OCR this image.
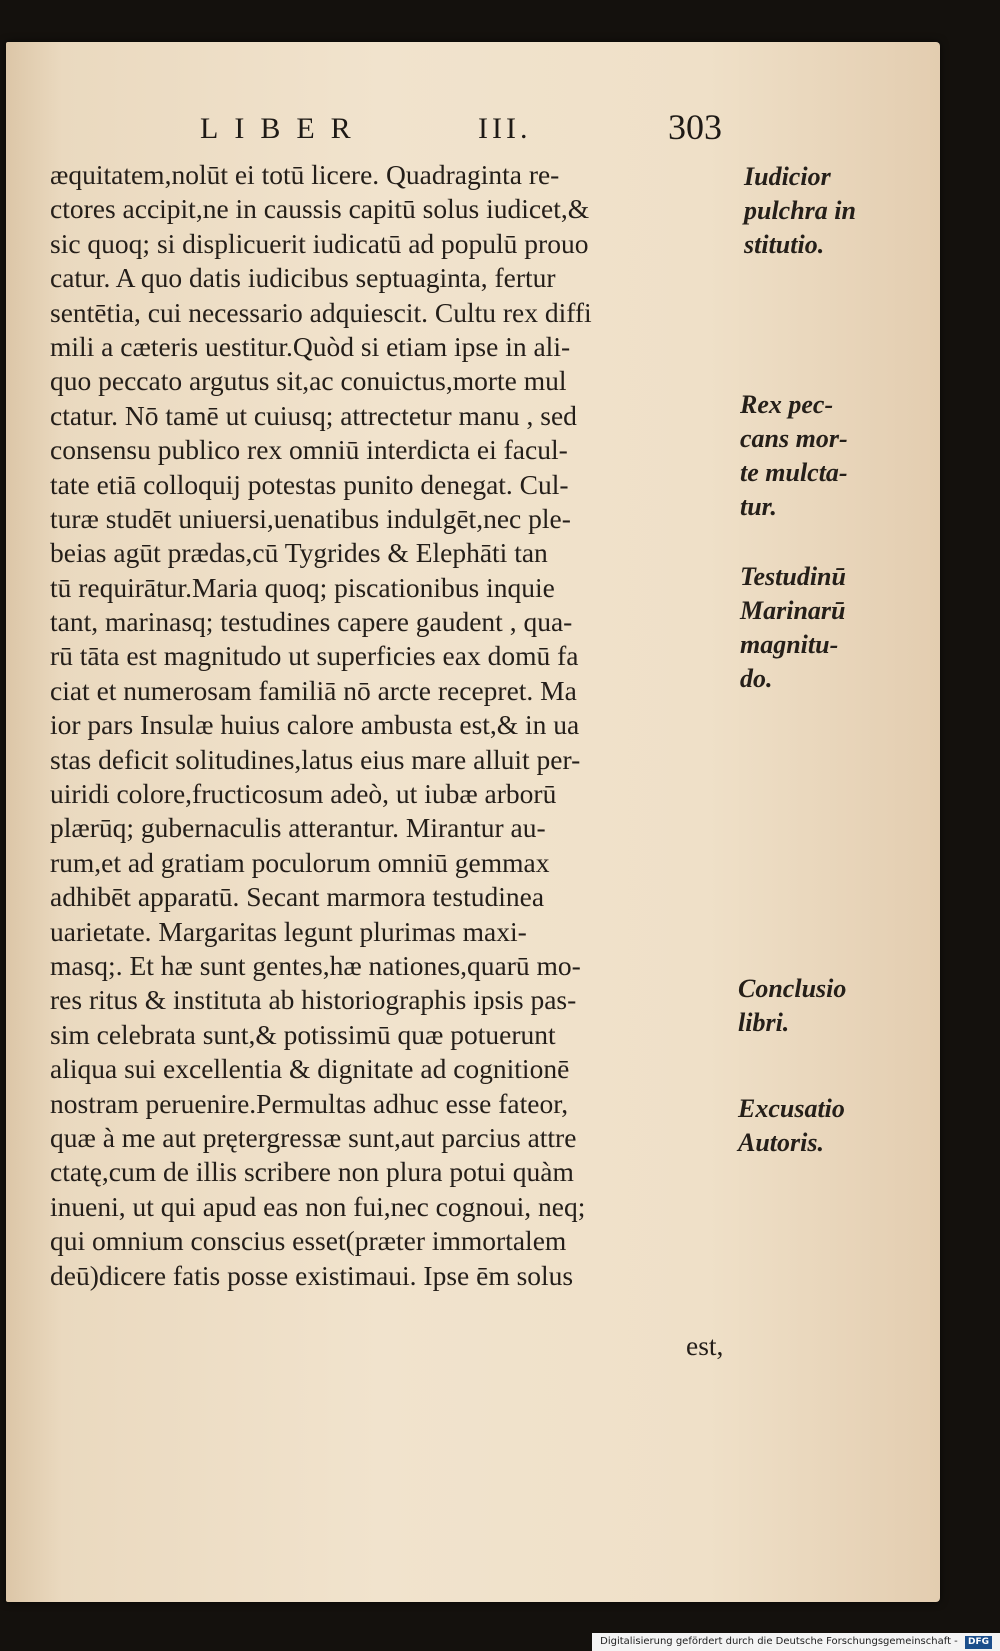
LIBER	III.	303
æquitatem,nolūt ei totū licere. Quadraginta re-
ctores accipit,ne in caussis capitū solus iudicet,&
sic quoq; si displicuerit iudicatū ad populū prouo
catur. A quo datis iudicibus septuaginta, fertur
sentētia, cui necessario adquiescit. Cultu rex diffi
mili a cæteris uestitur.Quòd si etiam ipse in ali-
quo peccato argutus sit,ac conuictus,morte mul
ctatur. Nō tamē ut cuiusq; attrectetur manu , sed
consensu publico rex omniū interdicta ei facul-
tate etiā colloquij potestas punito denegat. Cul-
turæ studēt uniuersi,uenatibus indulgēt,nec ple-
beias agūt prædas,cū Tygrides & Elephāti tan
tū requirātur.Maria quoq; piscationibus inquie
tant, marinasq; testudines capere gaudent , qua-
rū tāta est magnitudo ut superficies eax domū fa
ciat et numerosam familiā nō arcte recepret. Ma
ior pars Insulæ huius calore ambusta est,& in ua
stas deficit solitudines,latus eius mare alluit per-
uiridi colore,fructicosum adeò, ut iubæ arborū
plærūq; gubernaculis atterantur. Mirantur au-
rum,et ad gratiam poculorum omniū gemmax
adhibēt apparatū. Secant marmora testudinea
uarietate. Margaritas legunt plurimas maxi-
masq;. Et hæ sunt gentes,hæ nationes,quarū mo-
res ritus & instituta ab historiographis ipsis pas-
sim celebrata sunt,& potissimū quæ potuerunt
aliqua sui excellentia & dignitate ad cognitionē
nostram peruenire.Permultas adhuc esse fateor,
quæ à me aut prętergressæ sunt,aut parcius attre
ctatę,cum de illis scribere non plura potui quàm
inueni, ut qui apud eas non fui,nec cognoui, neq;
qui omnium conscius esset(præter immortalem
deū)dicere fatis posse existimaui. Ipse ēm solus
est,
Iudicior
pulchra in
stitutio.
Rex pec-
cans mor-
te mulcta-
tur.
Testudinū
Marinarū
magnitu-
do.
Conclusio
libri.
Excusatio
Autoris.
Digitalisierung gefördert durch die Deutsche Forschungsgemeinschaft - DFG
